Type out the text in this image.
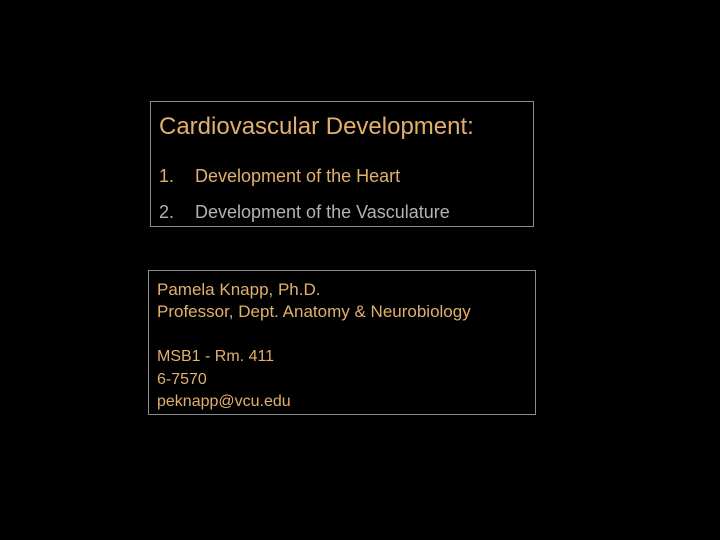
Cardiovascular Development:
1. Development of the Heart
2. Development of the Vasculature
Pamela Knapp, Ph.D.
Professor, Dept. Anatomy & Neurobiology
MSB1 - Rm. 411
6-7570
peknapp@vcu.edu
